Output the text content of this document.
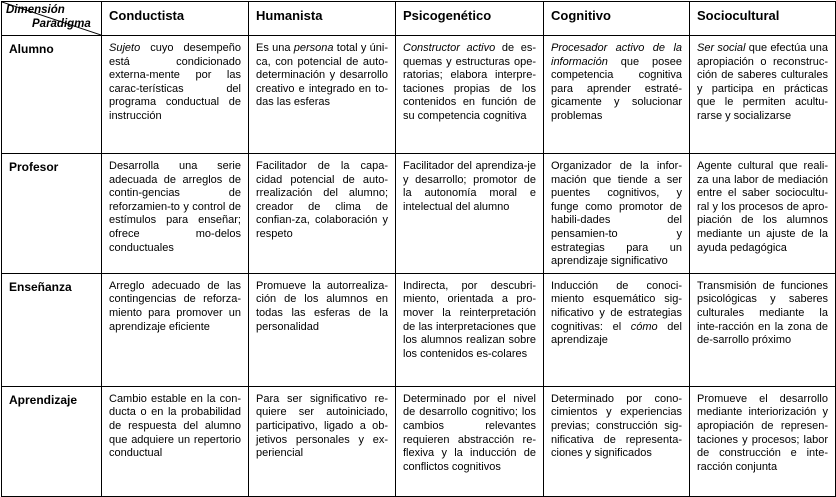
Dimensión
Paradigma	Conductista	Humanista	Psicogenético	Cognitivo	Sociocultural
Alumno	Sujeto cuyo desempeño está condicionado externa-mente por las carac-terísticas del programa conductual de instrucción	Es una persona total y úni-ca, con potencial de auto-determinación y desarrollo creativo e integrado en to-das las esferas	Constructor activo de es-quemas y estructuras ope-ratorias; elabora interpre-taciones propias de los contenidos en función de su competencia cognitiva	Procesador activo de la información que posee competencia cognitiva para aprender estraté-gicamente y solucionar problemas	Ser social que efectúa una apropiación o reconstruc-ción de saberes culturales y participa en prácticas que le permiten acultu-rarse y socializarse
Profesor	Desarrolla una serie adecuada de arreglos de contin-gencias de reforzamien-to y control de estímulos para enseñar; ofrece mo-delos conductuales	Facilitador de la capa-cidad potencial de auto-rrealización del alumno; creador de clima de confian-za, colaboración y respeto	Facilitador del aprendiza-je y desarrollo; promotor de la autonomía moral e intelectual del alumno	Organizador de la infor-mación que tiende a ser puentes cognitivos, y funge como promotor de habili-dades del pensamien-to y estrategias para un aprendizaje significativo	Agente cultural que reali-za una labor de mediación entre el saber sociocultu-ral y los procesos de apro-piación de los alumnos mediante un ajuste de la ayuda pedagógica
Enseñanza	Arreglo adecuado de las contingencias de reforza-miento para promover un aprendizaje eficiente	Promueve la autorrealiza-ción de los alumnos en todas las esferas de la personalidad	Indirecta, por descubri-miento, orientada a pro-mover la reinterpretación de las interpretaciones que los alumnos realizan sobre los contenidos es-colares	Inducción de conoci-miento esquemático sig-nificativo y de estrategias cognitivas: el cómo del aprendizaje	Transmisión de funciones psicológicas y saberes culturales mediante la inte-racción en la zona de de-sarrollo próximo
Aprendizaje	Cambio estable en la con-ducta o en la probabilidad de respuesta del alumno que adquiere un repertorio conductual	Para ser significativo re-quiere ser autoiniciado, participativo, ligado a ob-jetivos personales y ex-periencial	Determinado por el nivel de desarrollo cognitivo; los cambios relevantes requieren abstracción re-flexiva y la inducción de conflictos cognitivos	Determinado por cono-cimientos y experiencias previas; construcción sig-nificativa de representa-ciones y significados	Promueve el desarrollo mediante interiorización y apropiación de represen-taciones y procesos; labor de construcción e inte-racción conjunta
